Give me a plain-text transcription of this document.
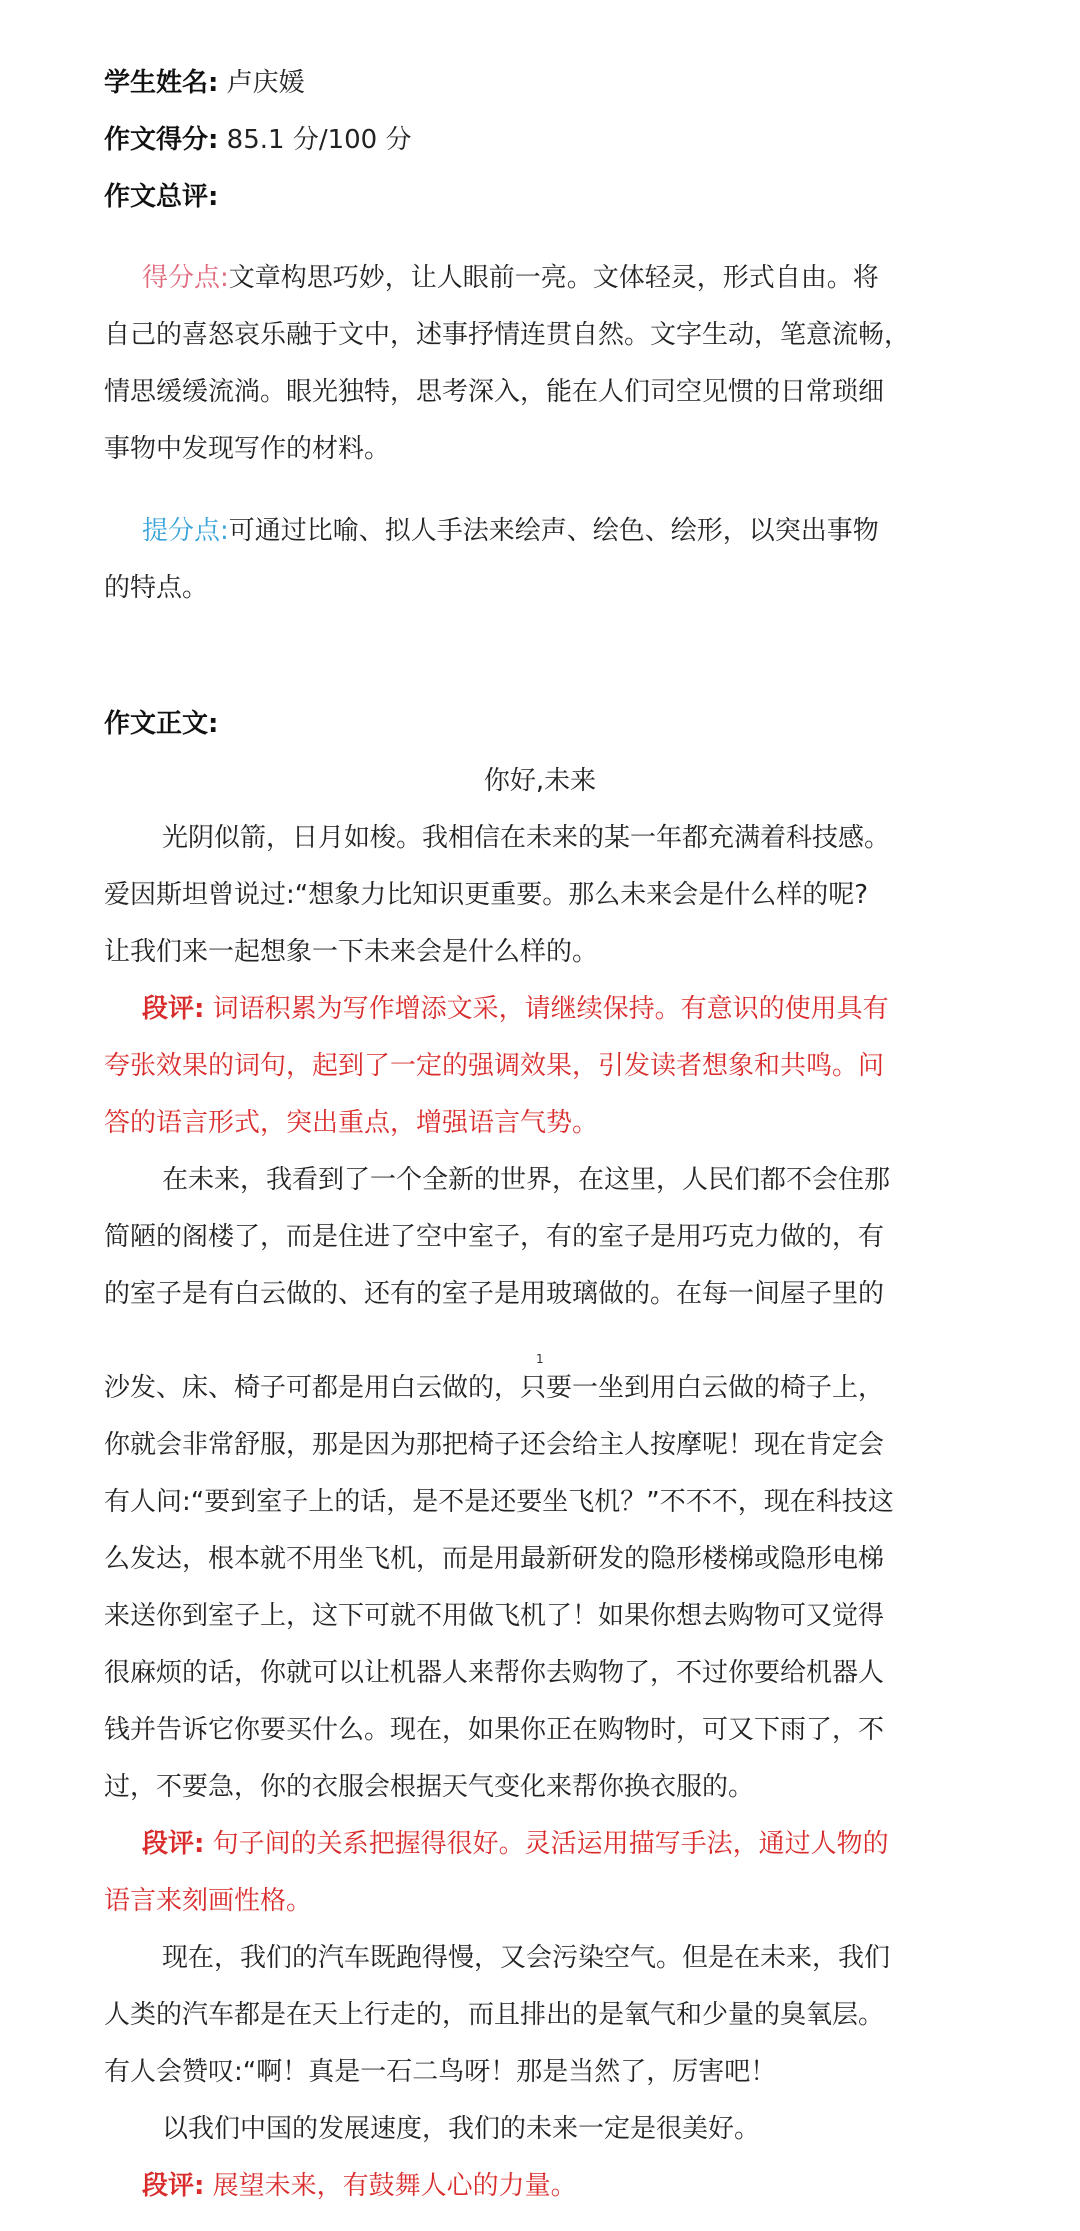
学生姓名: 卢庆媛
作文得分: 85.1 分/100 分
作文总评:
得分点:文章构思巧妙，让人眼前一亮。文体轻灵，形式自由。将
自己的喜怒哀乐融于文中，述事抒情连贯自然。文字生动，笔意流畅，
情思缓缓流淌。眼光独特，思考深入，能在人们司空见惯的日常琐细
事物中发现写作的材料。
提分点:可通过比喻、拟人手法来绘声、绘色、绘形，以突出事物
的特点。
作文正文:
你好,未来
光阴似箭，日月如梭。我相信在未来的某一年都充满着科技感。
爱因斯坦曾说过:“想象力比知识更重要。那么未来会是什么样的呢?
让我们来一起想象一下未来会是什么样的。
段评: 词语积累为写作增添文采，请继续保持。有意识的使用具有
夸张效果的词句，起到了一定的强调效果，引发读者想象和共鸣。问
答的语言形式，突出重点，增强语言气势。
在未来，我看到了一个全新的世界，在这里，人民们都不会住那
简陋的阁楼了，而是住进了空中室子，有的室子是用巧克力做的，有
的室子是有白云做的、还有的室子是用玻璃做的。在每一间屋子里的
1
沙发、床、椅子可都是用白云做的，只要一坐到用白云做的椅子上，
你就会非常舒服，那是因为那把椅子还会给主人按摩呢！现在肯定会
有人问:“要到室子上的话，是不是还要坐飞机？”不不不，现在科技这
么发达，根本就不用坐飞机，而是用最新研发的隐形楼梯或隐形电梯
来送你到室子上，这下可就不用做飞机了！如果你想去购物可又觉得
很麻烦的话，你就可以让机器人来帮你去购物了，不过你要给机器人
钱并告诉它你要买什么。现在，如果你正在购物时，可又下雨了，不
过，不要急，你的衣服会根据天气变化来帮你换衣服的。
段评: 句子间的关系把握得很好。灵活运用描写手法，通过人物的
语言来刻画性格。
现在，我们的汽车既跑得慢，又会污染空气。但是在未来，我们
人类的汽车都是在天上行走的，而且排出的是氧气和少量的臭氧层。
有人会赞叹:“啊！真是一石二鸟呀！那是当然了，厉害吧！
以我们中国的发展速度，我们的未来一定是很美好。
段评: 展望未来，有鼓舞人心的力量。
